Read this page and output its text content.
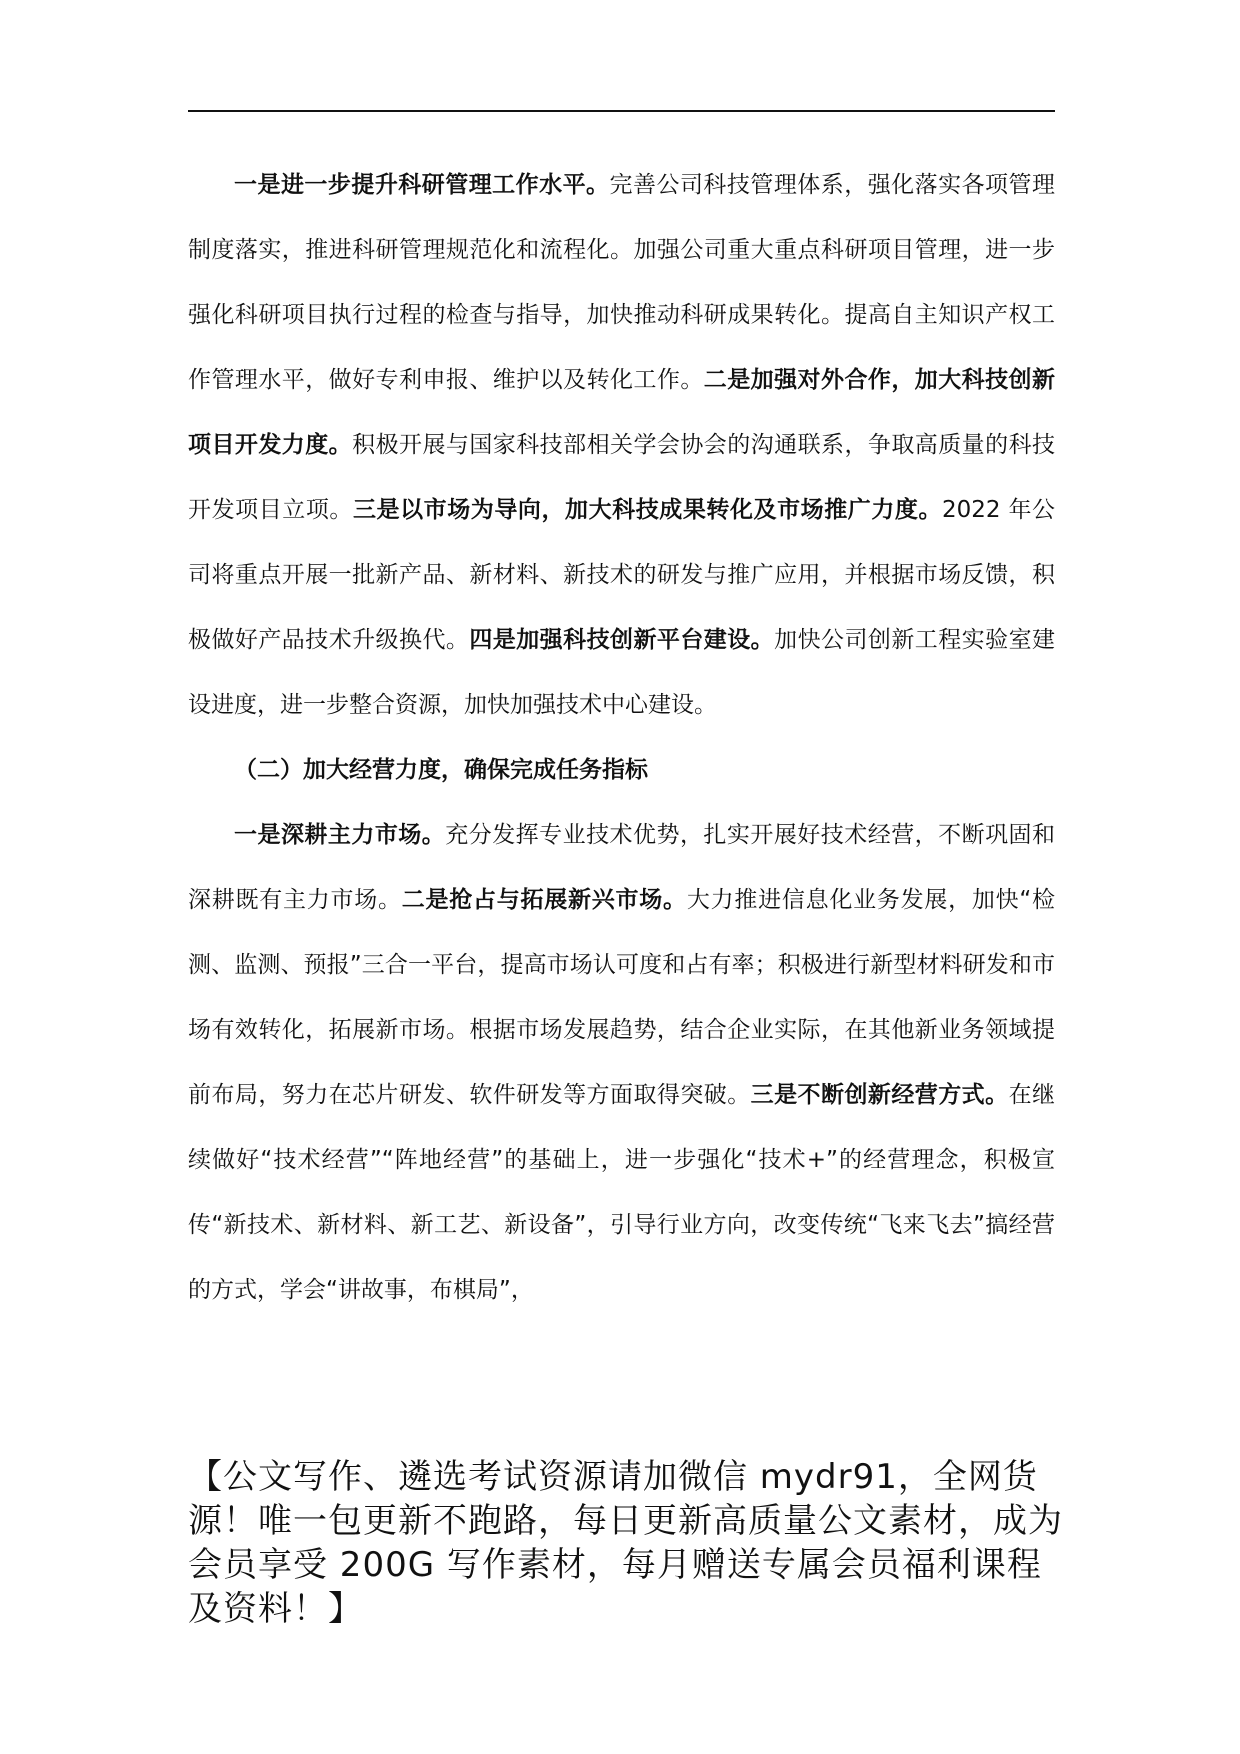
一是进一步提升科研管理工作水平。完善公司科技管理体系，强化落实各项管理制度落实，推进科研管理规范化和流程化。加强公司重大重点科研项目管理，进一步强化科研项目执行过程的检查与指导，加快推动科研成果转化。提高自主知识产权工作管理水平，做好专利申报、维护以及转化工作。二是加强对外合作，加大科技创新项目开发力度。积极开展与国家科技部相关学会协会的沟通联系，争取高质量的科技开发项目立项。三是以市场为导向，加大科技成果转化及市场推广力度。2022 年公司将重点开展一批新产品、新材料、新技术的研发与推广应用，并根据市场反馈，积极做好产品技术升级换代。四是加强科技创新平台建设。加快公司创新工程实验室建设进度，进一步整合资源，加快加强技术中心建设。

（二）加大经营力度，确保完成任务指标

一是深耕主力市场。充分发挥专业技术优势，扎实开展好技术经营，不断巩固和深耕既有主力市场。二是抢占与拓展新兴市场。大力推进信息化业务发展，加快“检测、监测、预报”三合一平台，提高市场认可度和占有率；积极进行新型材料研发和市场有效转化，拓展新市场。根据市场发展趋势，结合企业实际，在其他新业务领域提前布局，努力在芯片研发、软件研发等方面取得突破。三是不断创新经营方式。在继续做好“技术经营”“阵地经营”的基础上，进一步强化“技术+”的经营理念，积极宣传“新技术、新材料、新工艺、新设备”，引导行业方向，改变传统“飞来飞去”搞经营的方式，学会“讲故事，布棋局”，

【公文写作、遴选考试资源请加微信 mydr91，全网货源！唯一包更新不跑路，每日更新高质量公文素材，成为会员享受 200G 写作素材，每月赠送专属会员福利课程及资料！】
